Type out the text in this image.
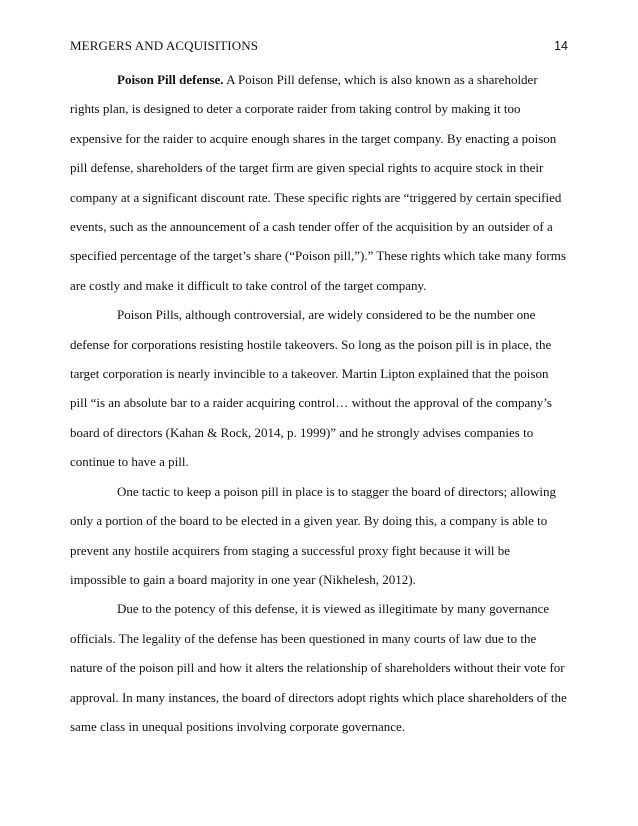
MERGERS AND ACQUISITIONS	14

Poison Pill defense. A Poison Pill defense, which is also known as a shareholder rights plan, is designed to deter a corporate raider from taking control by making it too expensive for the raider to acquire enough shares in the target company. By enacting a poison pill defense, shareholders of the target firm are given special rights to acquire stock in their company at a significant discount rate. These specific rights are “triggered by certain specified events, such as the announcement of a cash tender offer of the acquisition by an outsider of a specified percentage of the target’s share (“Poison pill,”).” These rights which take many forms are costly and make it difficult to take control of the target company.

Poison Pills, although controversial, are widely considered to be the number one defense for corporations resisting hostile takeovers. So long as the poison pill is in place, the target corporation is nearly invincible to a takeover. Martin Lipton explained that the poison pill “is an absolute bar to a raider acquiring control… without the approval of the company’s board of directors (Kahan & Rock, 2014, p. 1999)” and he strongly advises companies to continue to have a pill.

One tactic to keep a poison pill in place is to stagger the board of directors; allowing only a portion of the board to be elected in a given year. By doing this, a company is able to prevent any hostile acquirers from staging a successful proxy fight because it will be impossible to gain a board majority in one year (Nikhelesh, 2012).

Due to the potency of this defense, it is viewed as illegitimate by many governance officials. The legality of the defense has been questioned in many courts of law due to the nature of the poison pill and how it alters the relationship of shareholders without their vote for approval. In many instances, the board of directors adopt rights which place shareholders of the same class in unequal positions involving corporate governance.
